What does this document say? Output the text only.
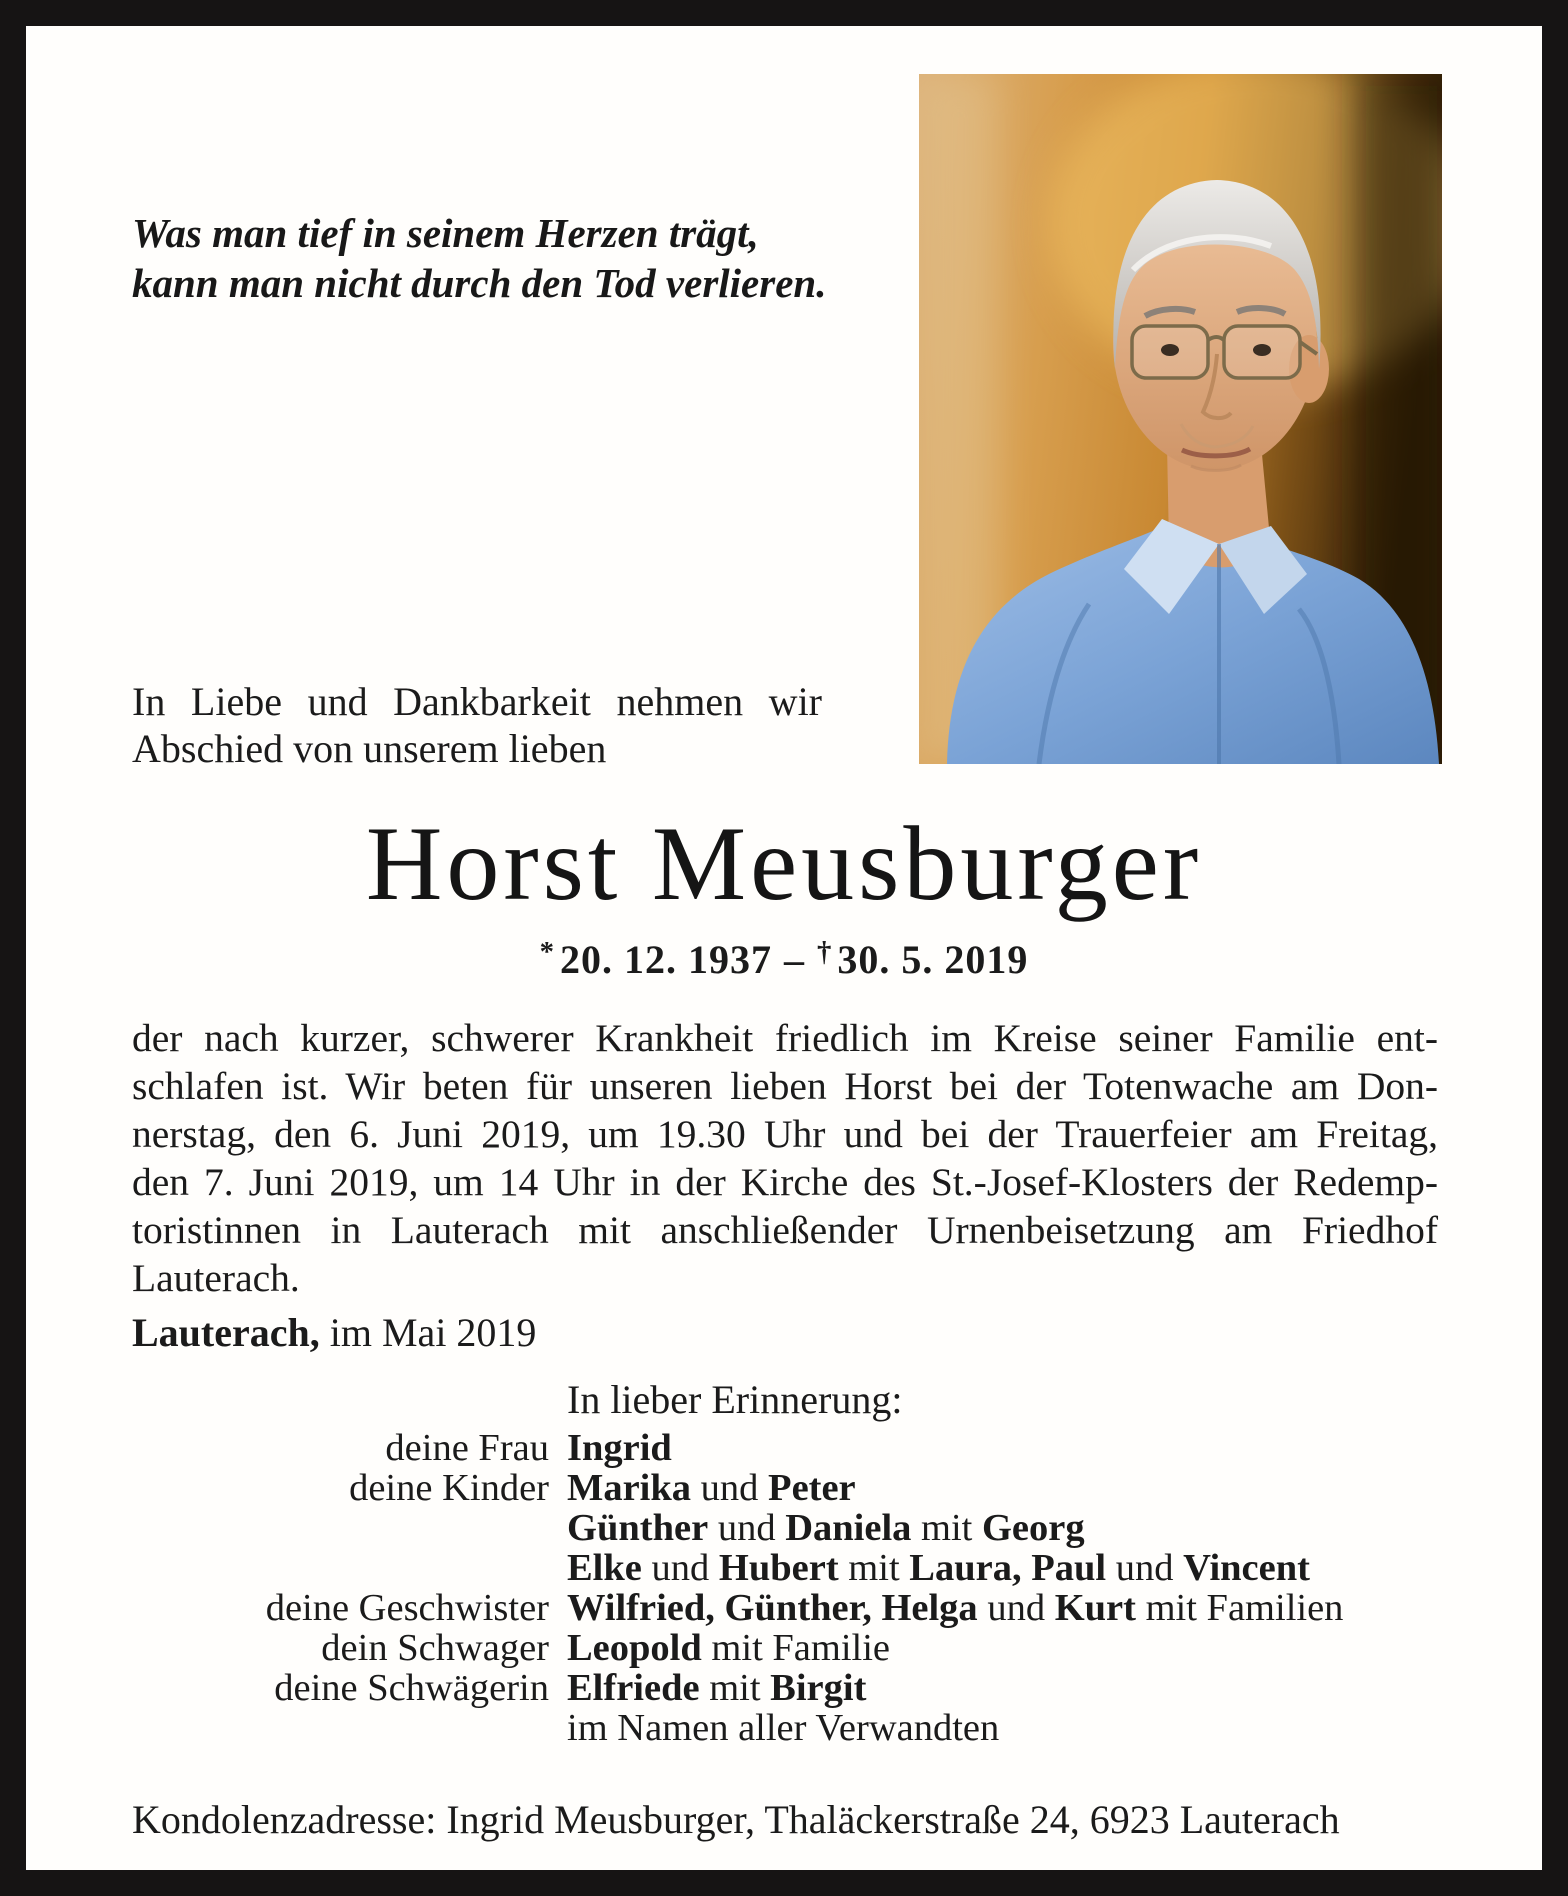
Was man tief in seinem Herzen trägt,
kann man nicht durch den Tod verlieren.
In Liebe und Dankbarkeit nehmen wir
Abschied von unserem lieben
Horst Meusburger
* 20. 12. 1937 – † 30. 5. 2019
der nach kurzer, schwerer Krankheit friedlich im Kreise seiner Familie ent-
schlafen ist. Wir beten für unseren lieben Horst bei der Totenwache am Don-
nerstag, den 6. Juni 2019, um 19.30 Uhr und bei der Trauerfeier am Freitag,
den 7. Juni 2019, um 14 Uhr in der Kirche des St.-Josef-Klosters der Redemp-
toristinnen in Lauterach mit anschließender Urnenbeisetzung am Friedhof
Lauterach.
Lauterach, im Mai 2019
In lieber Erinnerung:
deine Frau Ingrid
deine Kinder Marika und Peter
Günther und Daniela mit Georg
Elke und Hubert mit Laura, Paul und Vincent
deine Geschwister Wilfried, Günther, Helga und Kurt mit Familien
dein Schwager Leopold mit Familie
deine Schwägerin Elfriede mit Birgit
im Namen aller Verwandten
Kondolenzadresse: Ingrid Meusburger, Thaläckerstraße 24, 6923 Lauterach
